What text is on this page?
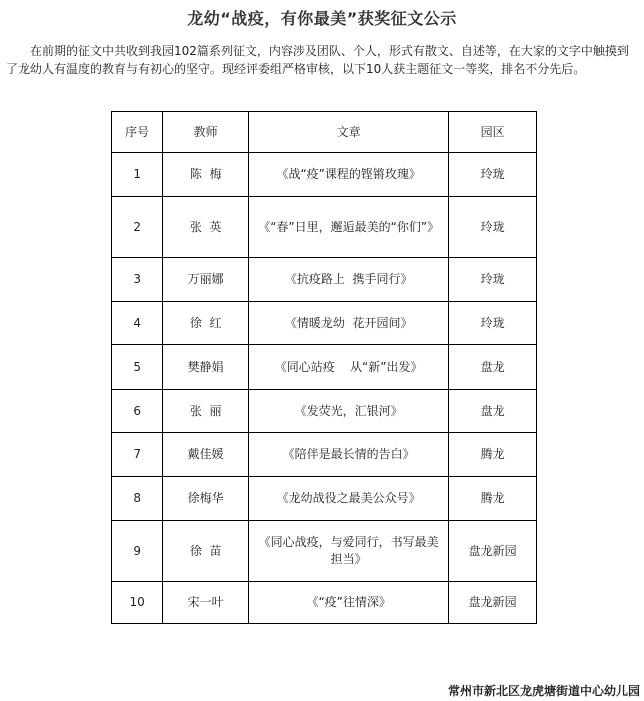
龙幼“战疫，有你最美”获奖征文公示

在前期的征文中共收到我园102篇系列征文，内容涉及团队、个人，形式有散文、自述等，在大家的文字中触摸到了龙幼人有温度的教育与有初心的坚守。现经评委组严格审核，以下10人获主题征文一等奖，排名不分先后。

序号	教师	文章	园区
1	陈  梅	《战“疫”课程的铿锵玫瑰》	玲珑
2	张  英	《“春”日里，邂逅最美的“你们”》	玲珑
3	万丽娜	《抗疫路上  携手同行》	玲珑
4	徐  红	《情暖龙幼  花开园间》	玲珑
5	樊静娟	《同心站疫    从“新”出发》	盘龙
6	张  丽	《发荧光，汇银河》	盘龙
7	戴佳媛	《陪伴是最长情的告白》	腾龙
8	徐梅华	《龙幼战役之最美公众号》	腾龙
9	徐  苗	《同心战疫，与爱同行，书写最美担当》	盘龙新园
10	宋一叶	《“疫”往情深》	盘龙新园
常州市新北区龙虎塘街道中心幼儿园
